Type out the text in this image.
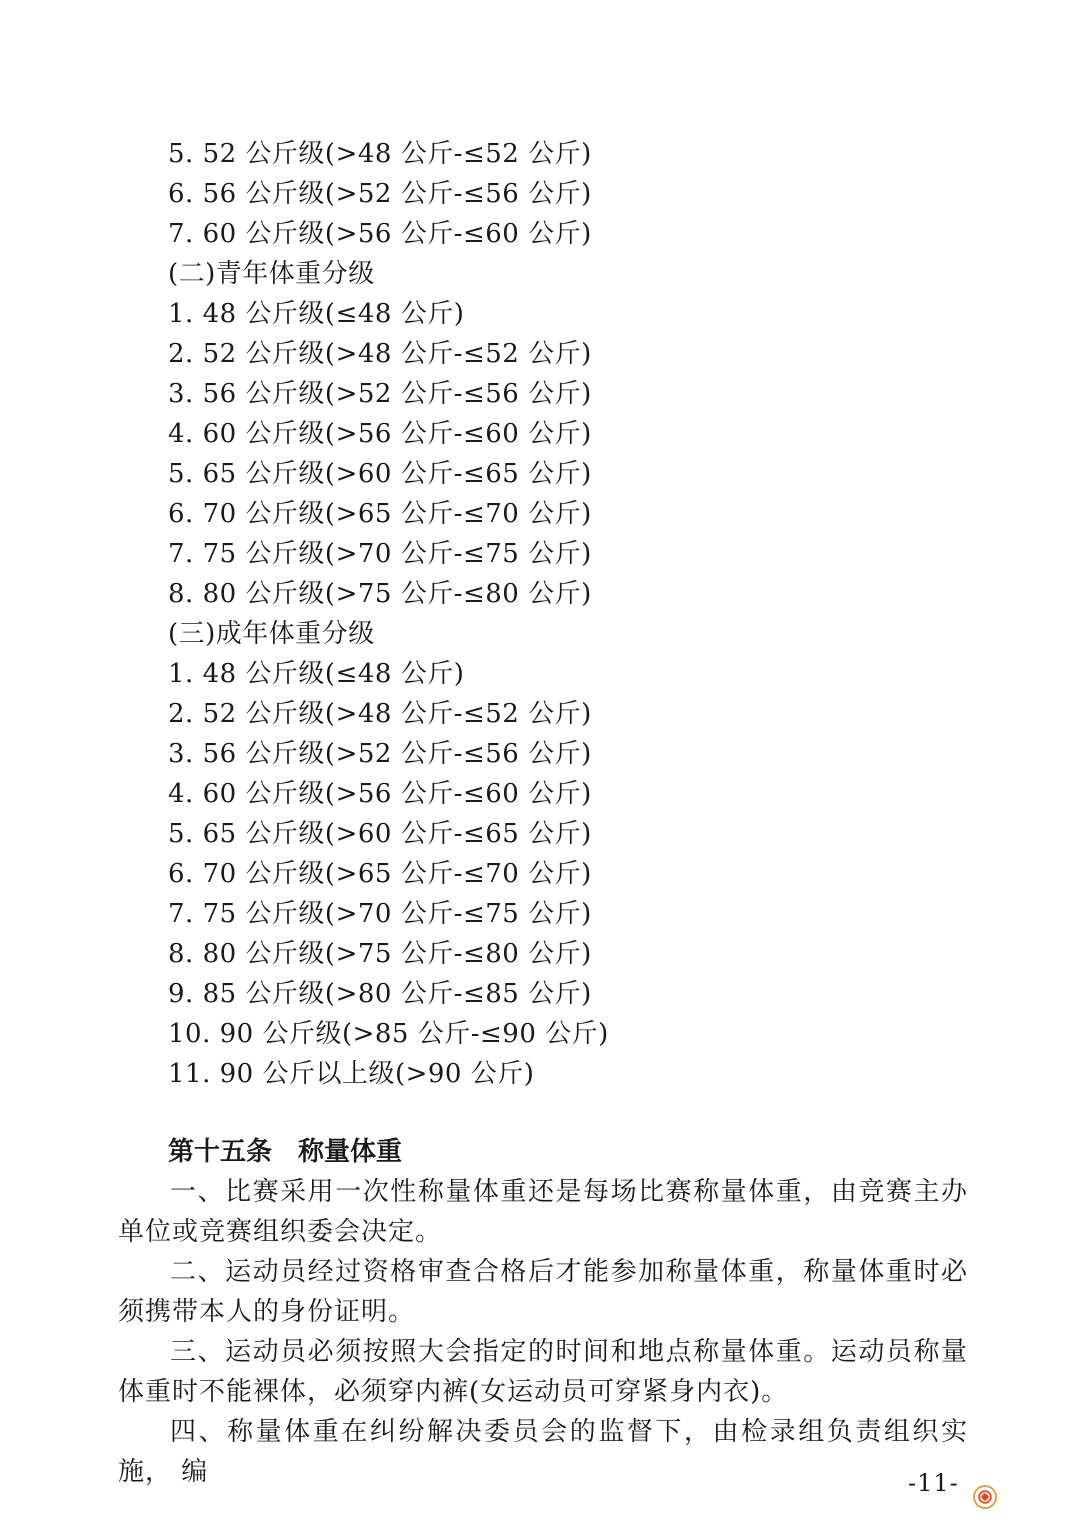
5. 52 公斤级(>48 公斤-≤52 公斤)
6. 56 公斤级(>52 公斤-≤56 公斤)
7. 60 公斤级(>56 公斤-≤60 公斤)
(二)青年体重分级
1. 48 公斤级(≤48 公斤)
2. 52 公斤级(>48 公斤-≤52 公斤)
3. 56 公斤级(>52 公斤-≤56 公斤)
4. 60 公斤级(>56 公斤-≤60 公斤)
5. 65 公斤级(>60 公斤-≤65 公斤)
6. 70 公斤级(>65 公斤-≤70 公斤)
7. 75 公斤级(>70 公斤-≤75 公斤)
8. 80 公斤级(>75 公斤-≤80 公斤)
(三)成年体重分级
1. 48 公斤级(≤48 公斤)
2. 52 公斤级(>48 公斤-≤52 公斤)
3. 56 公斤级(>52 公斤-≤56 公斤)
4. 60 公斤级(>56 公斤-≤60 公斤)
5. 65 公斤级(>60 公斤-≤65 公斤)
6. 70 公斤级(>65 公斤-≤70 公斤)
7. 75 公斤级(>70 公斤-≤75 公斤)
8. 80 公斤级(>75 公斤-≤80 公斤)
9. 85 公斤级(>80 公斤-≤85 公斤)
10. 90 公斤级(>85 公斤-≤90 公斤)
11. 90 公斤以上级(>90 公斤)
第十五条　称量体重
一、比赛采用一次性称量体重还是每场比赛称量体重，由竞赛主办单位或竞赛组织委会决定。
二、运动员经过资格审查合格后才能参加称量体重，称量体重时必须携带本人的身份证明。
三、运动员必须按照大会指定的时间和地点称量体重。运动员称量体重时不能裸体，必须穿内裤(女运动员可穿紧身内衣)。
四、称量体重在纠纷解决委员会的监督下，由检录组负责组织实施， 编	-11-
